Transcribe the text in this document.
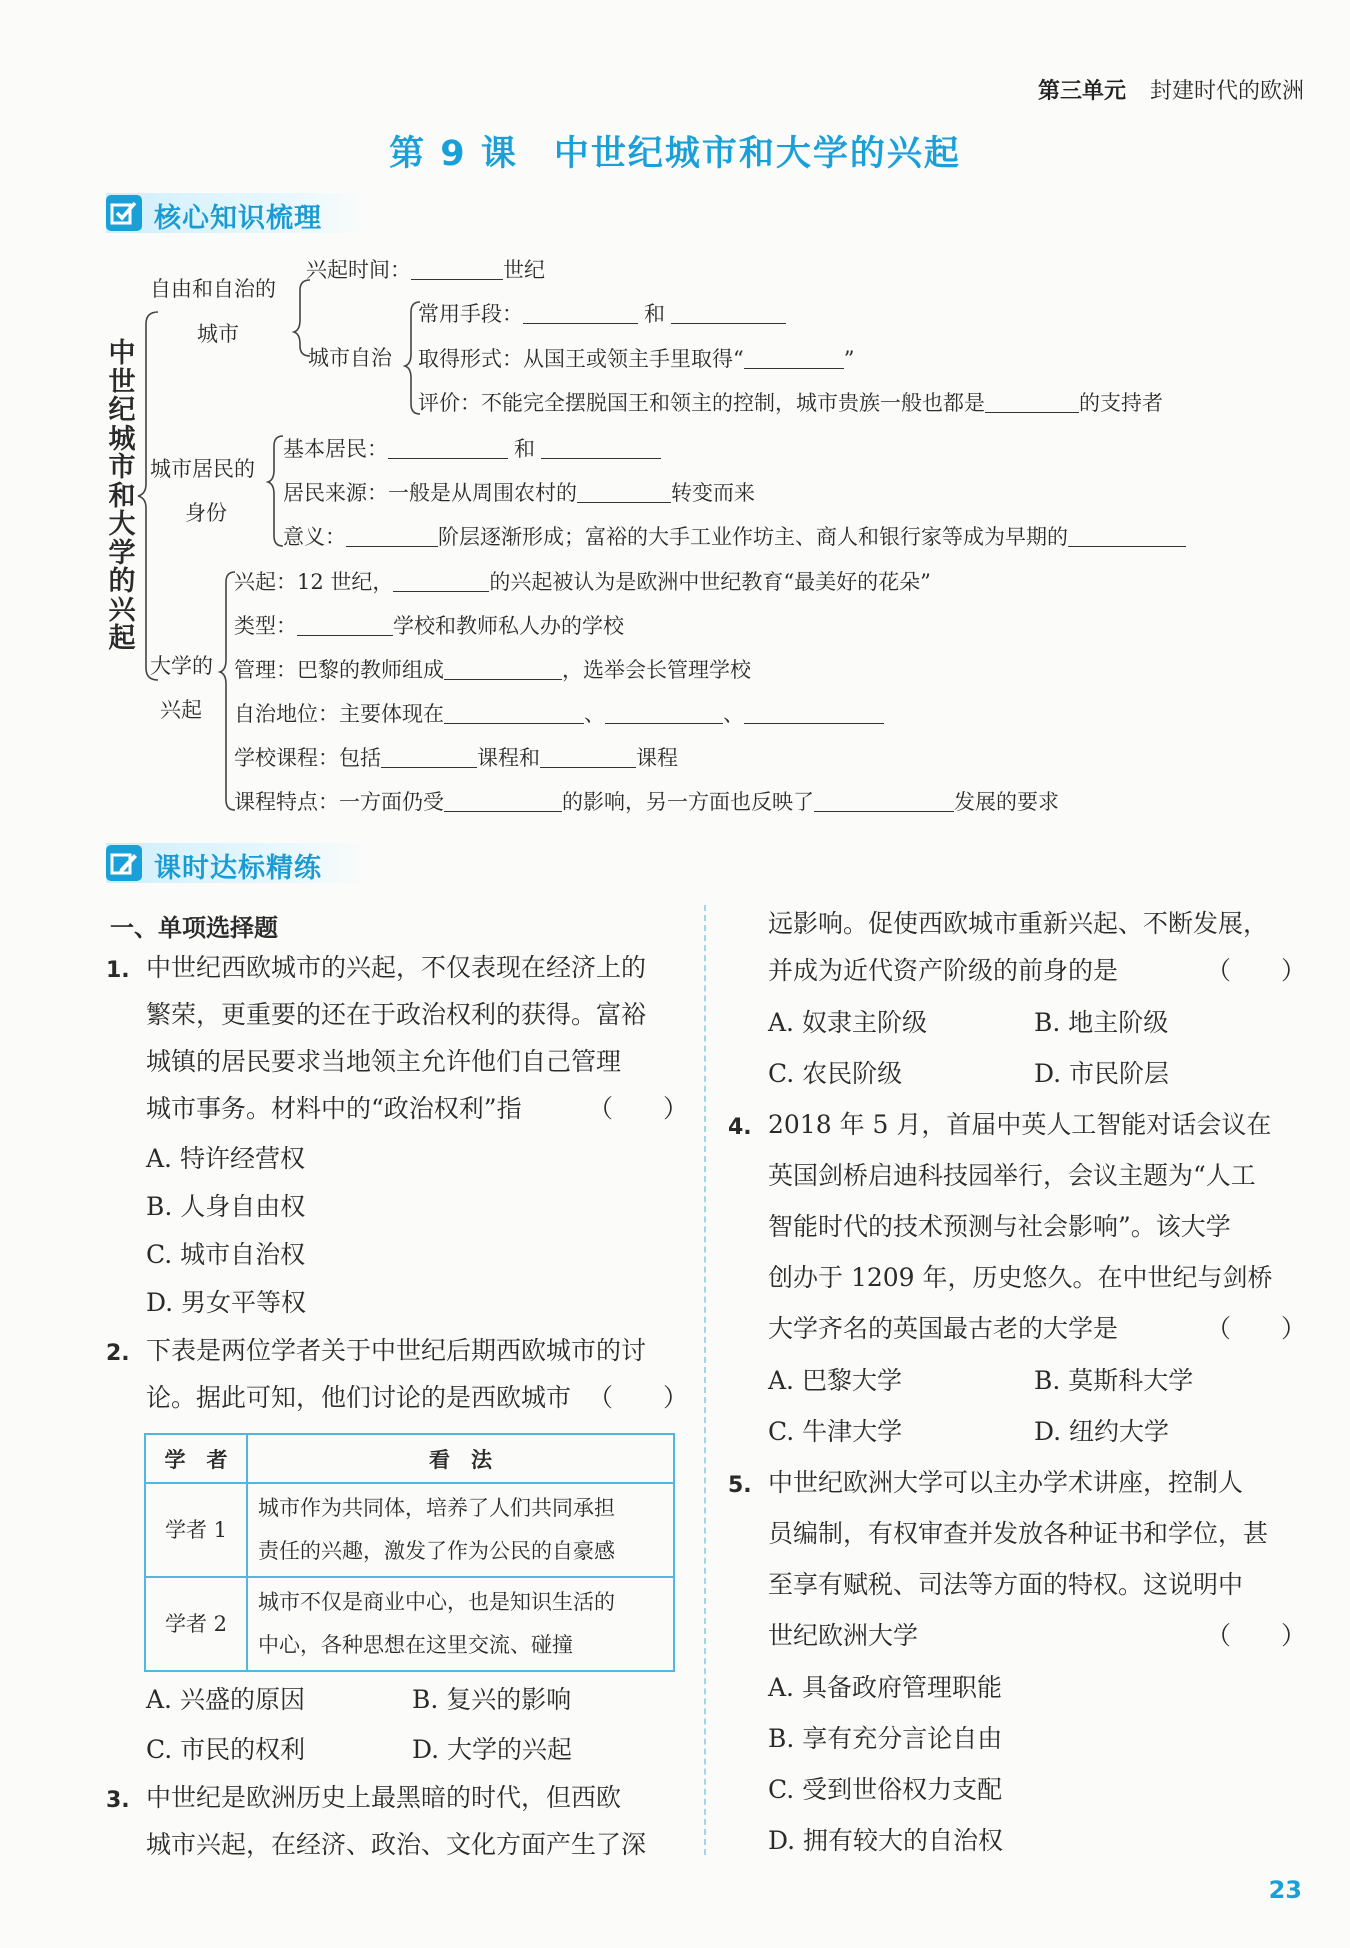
第三单元 封建时代的欧洲
第 9 课 中世纪城市和大学的兴起
核心知识梳理
中世纪城市和大学的兴起
自由和自治的
城市
兴起时间：	世纪
城市自治
常用手段：	和
取得形式：从国王或领主手里取得“	”
评价：不能完全摆脱国王和领主的控制，城市贵族一般也都是	的支持者
城市居民的
身份
基本居民：	和
居民来源：一般是从周围农村的	转变而来
意义：	阶层逐渐形成；富裕的大手工业作坊主、商人和银行家等成为早期的
大学的
兴起
兴起：12 世纪，	的兴起被认为是欧洲中世纪教育“最美好的花朵”
类型：	学校和教师私人办的学校
管理：巴黎的教师组成	，选举会长管理学校
自治地位：主要体现在	、	、
学校课程：包括	课程和	课程
课程特点：一方面仍受	的影响，另一方面也反映了	发展的要求
课时达标精练
一、单项选择题
1. 中世纪西欧城市的兴起，不仅表现在经济上的
繁荣，更重要的还在于政治权利的获得。富裕
城镇的居民要求当地领主允许他们自己管理
城市事务。材料中的“政治权利”指	（　　）
A. 特许经营权
B. 人身自由权
C. 城市自治权
D. 男女平等权
2. 下表是两位学者关于中世纪后期西欧城市的讨
论。据此可知，他们讨论的是西欧城市 （　　）
学　者	看　法
学者 1	城市作为共同体，培养了人们共同承担
责任的兴趣，激发了作为公民的自豪感

学者 2	城市不仅是商业中心，也是知识生活的
中心，各种思想在这里交流、碰撞
A. 兴盛的原因	B. 复兴的影响
C. 市民的权利	D. 大学的兴起
3. 中世纪是欧洲历史上最黑暗的时代，但西欧
城市兴起，在经济、政治、文化方面产生了深
远影响。促使西欧城市重新兴起、不断发展，
并成为近代资产阶级的前身的是	（　　）
A. 奴隶主阶级	B. 地主阶级
C. 农民阶级	D. 市民阶层
4. 2018 年 5 月，首届中英人工智能对话会议在
英国剑桥启迪科技园举行，会议主题为“人工
智能时代的技术预测与社会影响”。该大学
创办于 1209 年，历史悠久。在中世纪与剑桥
大学齐名的英国最古老的大学是	（　　）
A. 巴黎大学	B. 莫斯科大学
C. 牛津大学	D. 纽约大学
5. 中世纪欧洲大学可以主办学术讲座，控制人
员编制，有权审查并发放各种证书和学位，甚
至享有赋税、司法等方面的特权。这说明中
世纪欧洲大学	（　　）
A. 具备政府管理职能
B. 享有充分言论自由
C. 受到世俗权力支配
D. 拥有较大的自治权
23
